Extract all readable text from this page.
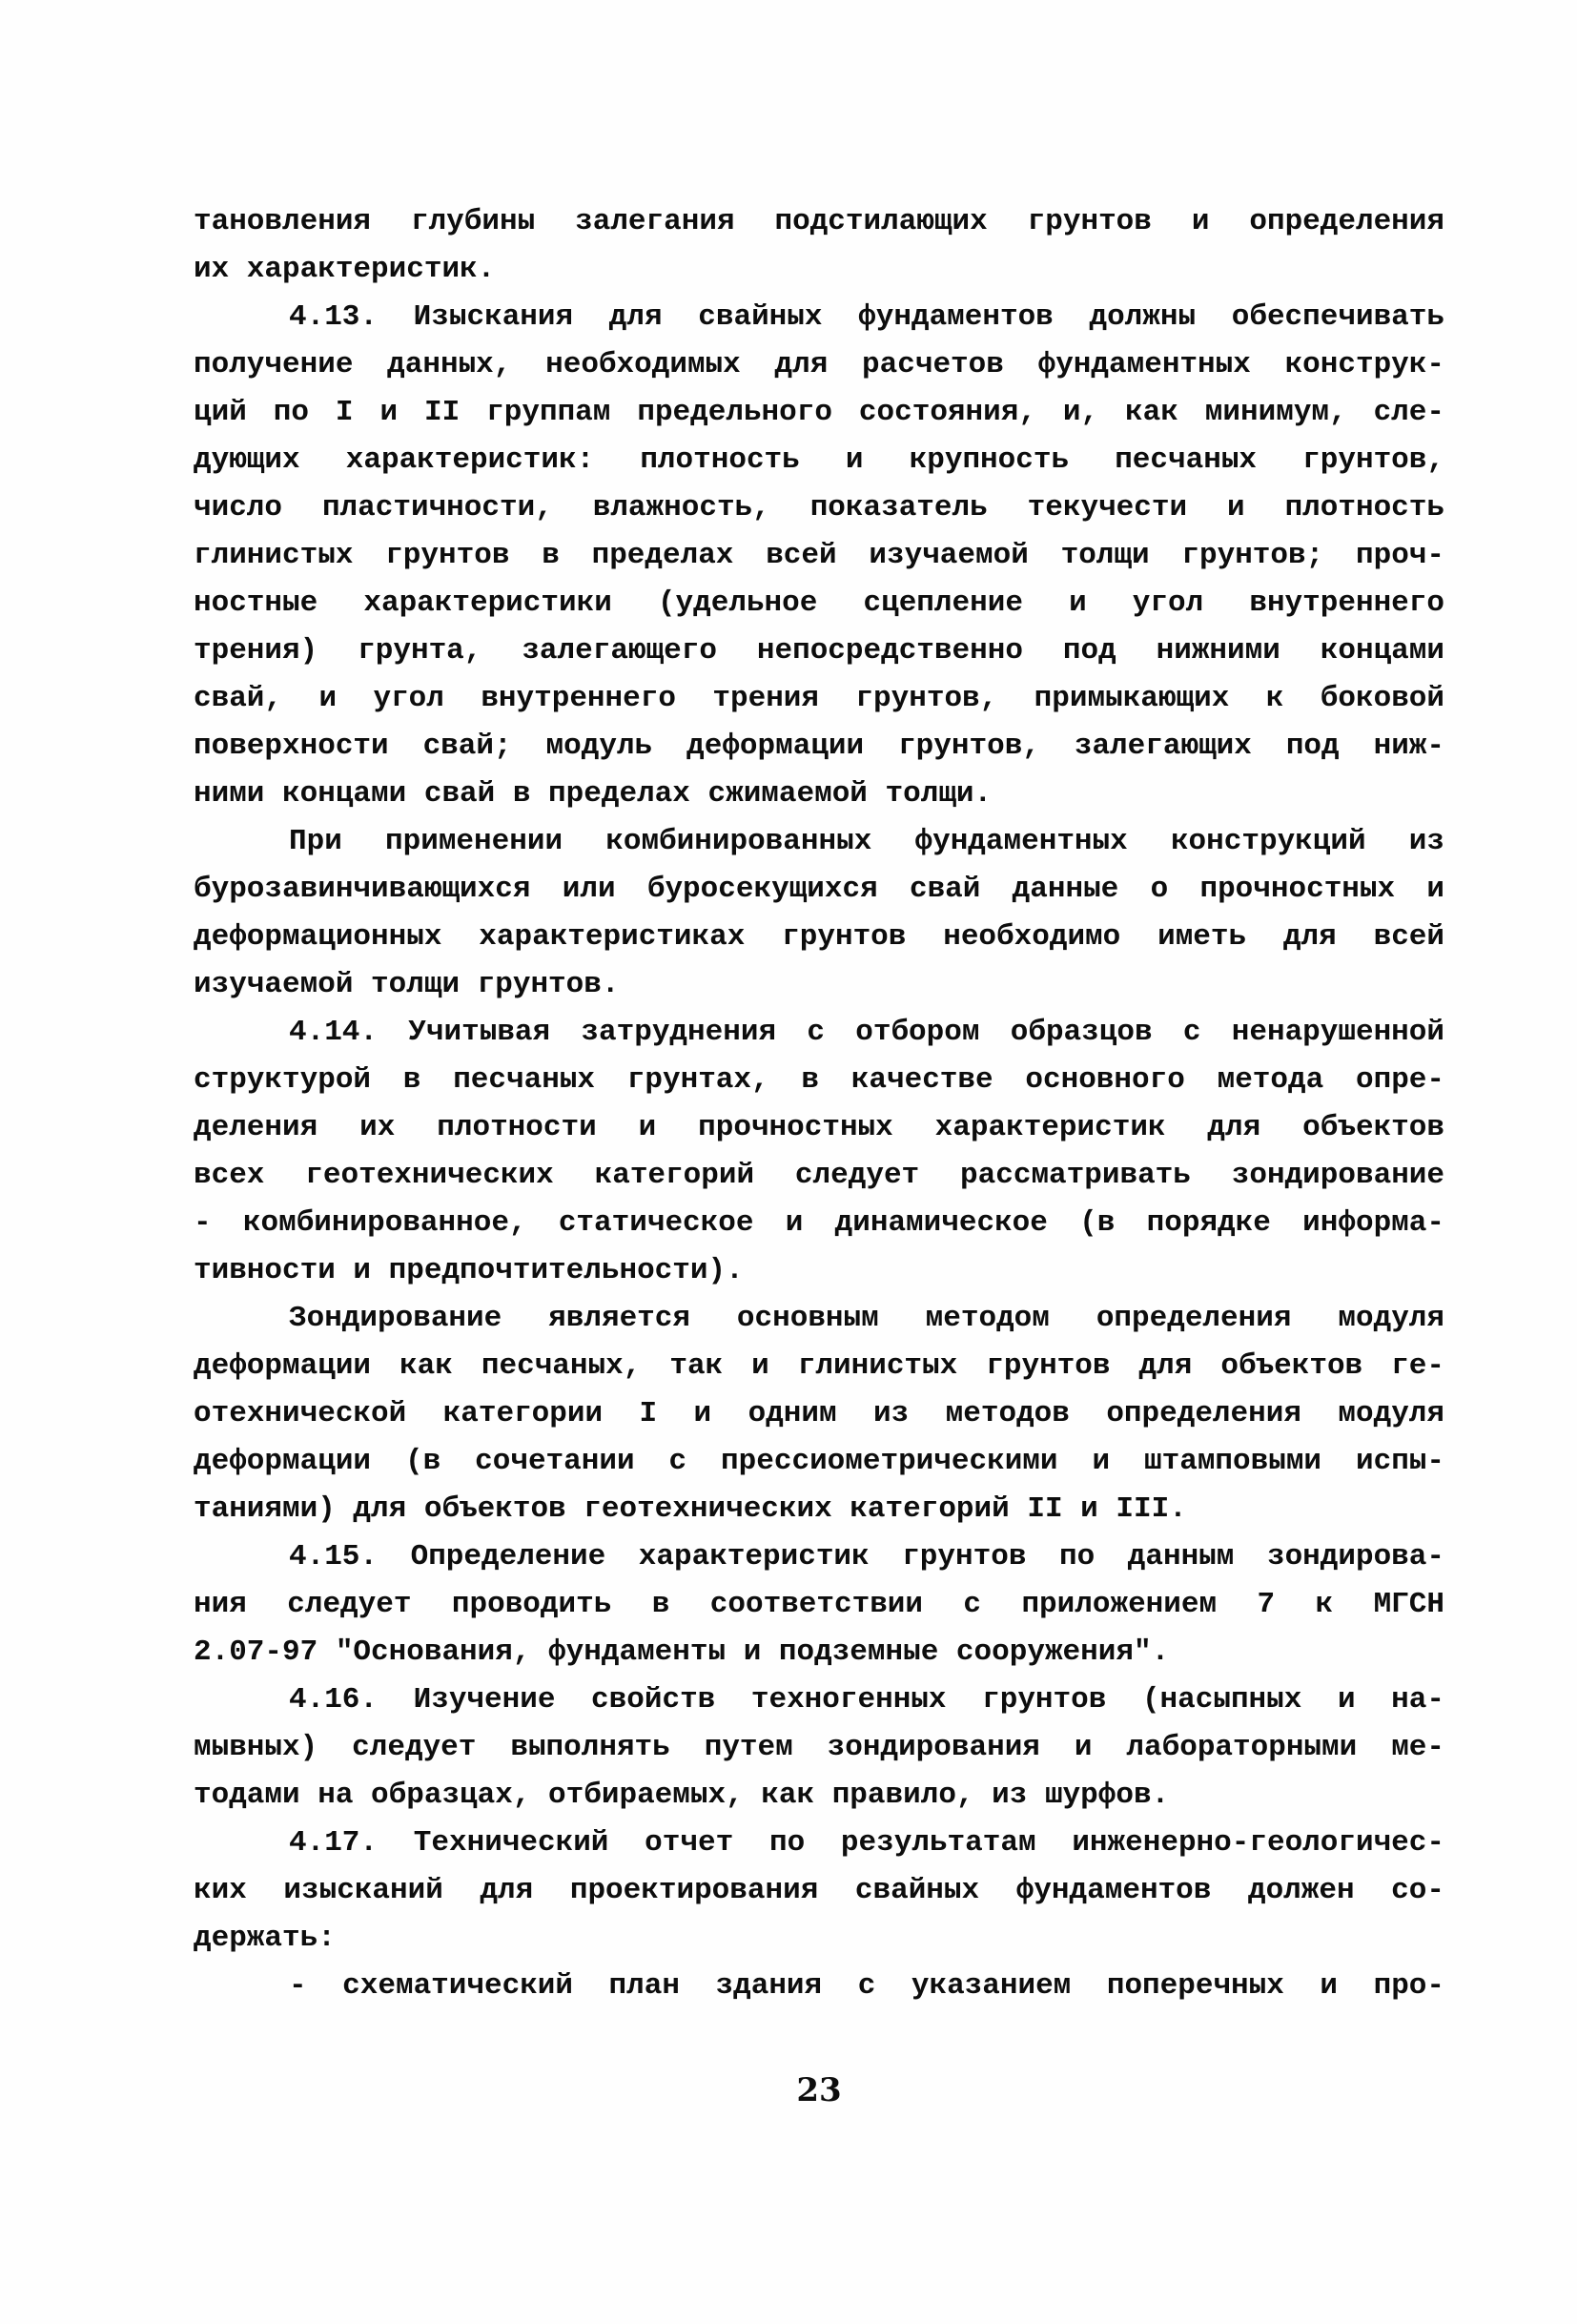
тановления глубины залегания подстилающих грунтов и определения
их характеристик.
4.13. Изыскания для свайных фундаментов должны обеспечивать
получение данных, необходимых для расчетов фундаментных конструк-
ций по I и II группам предельного состояния, и, как минимум, сле-
дующих характеристик: плотность и крупность песчаных грунтов,
число пластичности, влажность, показатель текучести и плотность
глинистых грунтов в пределах всей изучаемой толщи грунтов; проч-
ностные характеристики (удельное сцепление и угол внутреннего
трения) грунта, залегающего непосредственно под нижними концами
свай, и угол внутреннего трения грунтов, примыкающих к боковой
поверхности свай; модуль деформации грунтов, залегающих под ниж-
ними концами свай в пределах сжимаемой толщи.
При применении комбинированных фундаментных конструкций из
бурозавинчивающихся или буросекущихся свай данные о прочностных и
деформационных характеристиках грунтов необходимо иметь для всей
изучаемой толщи грунтов.
4.14. Учитывая затруднения с отбором образцов с ненарушенной
структурой в песчаных грунтах, в качестве основного метода опре-
деления их плотности и прочностных характеристик для объектов
всех геотехнических категорий следует рассматривать зондирование
- комбинированное, статическое и динамическое (в порядке информа-
тивности и предпочтительности).
Зондирование является основным методом определения модуля
деформации как песчаных, так и глинистых грунтов для объектов ге-
отехнической категории I и одним из методов определения модуля
деформации (в сочетании с прессиометрическими и штамповыми испы-
таниями) для объектов геотехнических категорий II и III.
4.15. Определение характеристик грунтов по данным зондирова-
ния следует проводить в соответствии с приложением 7 к МГСН
2.07-97 "Основания, фундаменты и подземные сооружения".
4.16. Изучение свойств техногенных грунтов (насыпных и на-
мывных) следует выполнять путем зондирования и лабораторными ме-
тодами на образцах, отбираемых, как правило, из шурфов.
4.17. Технический отчет по результатам инженерно-геологичес-
ких изысканий для проектирования свайных фундаментов должен со-
держать:
- схематический план здания с указанием поперечных и про-
23
